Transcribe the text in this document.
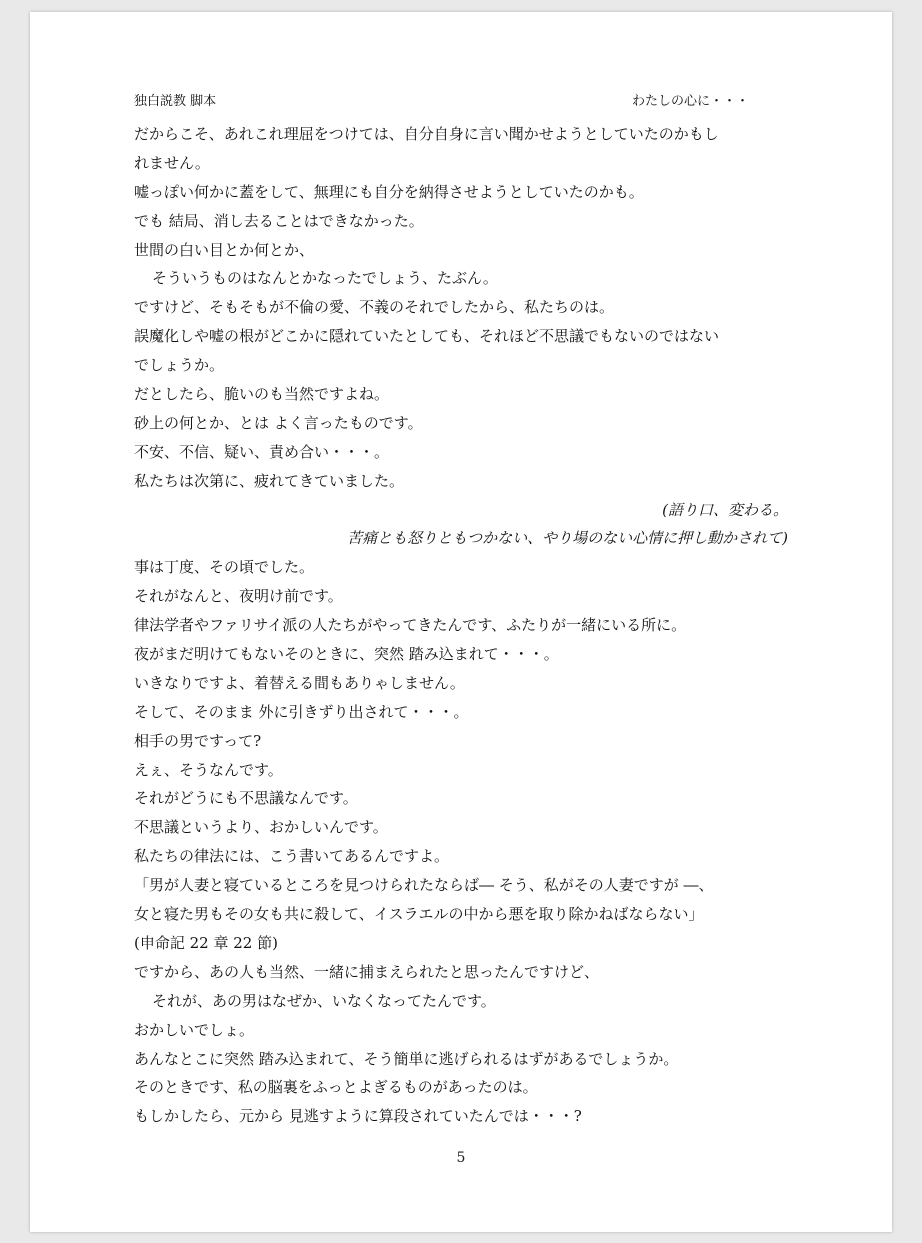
独白説教 脚本	わたしの心に・・・
だからこそ、あれこれ理屈をつけては、自分自身に言い聞かせようとしていたのかもし
れません。
嘘っぽい何かに蓋をして、無理にも自分を納得させようとしていたのかも。
でも 結局、消し去ることはできなかった。
世間の白い目とか何とか、
そういうものはなんとかなったでしょう、たぶん。
ですけど、そもそもが不倫の愛、不義のそれでしたから、私たちのは。
誤魔化しや嘘の根がどこかに隠れていたとしても、それほど不思議でもないのではない
でしょうか。
だとしたら、脆いのも当然ですよね。
砂上の何とか、とは よく言ったものです。
不安、不信、疑い、責め合い・・・。
私たちは次第に、疲れてきていました。
(語り口、変わる。
苦痛とも怒りともつかない、やり場のない心情に押し動かされて)
事は丁度、その頃でした。
それがなんと、夜明け前です。
律法学者やファリサイ派の人たちがやってきたんです、ふたりが一緒にいる所に。
夜がまだ明けてもないそのときに、突然 踏み込まれて・・・。
いきなりですよ、着替える間もありゃしません。
そして、そのまま 外に引きずり出されて・・・。
相手の男ですって?
えぇ、そうなんです。
それがどうにも不思議なんです。
不思議というより、おかしいんです。
私たちの律法には、こう書いてあるんですよ。
「男が人妻と寝ているところを見つけられたならば― そう、私がその人妻ですが ―、
女と寝た男もその女も共に殺して、イスラエルの中から悪を取り除かねばならない」
(申命記 22 章 22 節)
ですから、あの人も当然、一緒に捕まえられたと思ったんですけど、
それが、あの男はなぜか、いなくなってたんです。
おかしいでしょ。
あんなとこに突然 踏み込まれて、そう簡単に逃げられるはずがあるでしょうか。
そのときです、私の脳裏をふっとよぎるものがあったのは。
もしかしたら、元から 見逃すように算段されていたんでは・・・?
5
